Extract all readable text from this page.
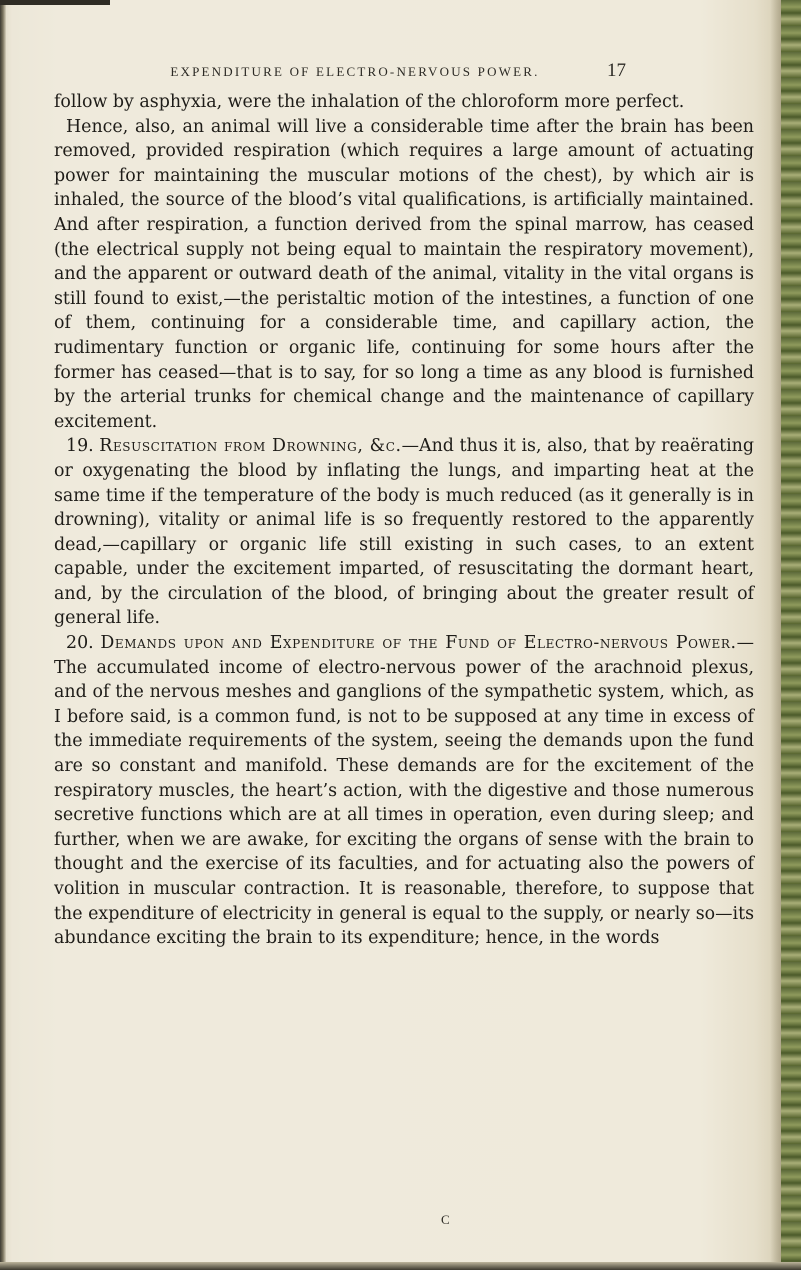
EXPENDITURE OF ELECTRO-NERVOUS POWER.	17

follow by asphyxia, were the inhalation of the chloroform more perfect.

Hence, also, an animal will live a considerable time after the brain has been removed, provided respiration (which requires a large amount of actuating power for maintaining the muscular motions of the chest), by which air is inhaled, the source of the blood’s vital qualifications, is artificially maintained. And after respiration, a function derived from the spinal marrow, has ceased (the electrical supply not being equal to maintain the respiratory movement), and the apparent or outward death of the animal, vitality in the vital organs is still found to exist,—the peristaltic motion of the intestines, a function of one of them, continuing for a considerable time, and capillary action, the rudimentary function or organic life, continuing for some hours after the former has ceased—that is to say, for so long a time as any blood is furnished by the arterial trunks for chemical change and the maintenance of capillary excitement.

19. Resuscitation from Drowning, &c.—And thus it is, also, that by reaërating or oxygenating the blood by inflating the lungs, and imparting heat at the same time if the temperature of the body is much reduced (as it generally is in drowning), vitality or animal life is so frequently restored to the apparently dead,—capillary or organic life still existing in such cases, to an extent capable, under the excitement imparted, of resuscitating the dormant heart, and, by the circulation of the blood, of bringing about the greater result of general life.

20. Demands upon and Expenditure of the Fund of Electro-nervous Power.—The accumulated income of electro-nervous power of the arachnoid plexus, and of the nervous meshes and ganglions of the sympathetic system, which, as I before said, is a common fund, is not to be supposed at any time in excess of the immediate requirements of the system, seeing the demands upon the fund are so constant and manifold. These demands are for the excitement of the respiratory muscles, the heart’s action, with the digestive and those numerous secretive functions which are at all times in operation, even during sleep; and further, when we are awake, for exciting the organs of sense with the brain to thought and the exercise of its faculties, and for actuating also the powers of volition in muscular contraction. It is reasonable, therefore, to suppose that the expenditure of electricity in general is equal to the supply, or nearly so—its abundance exciting the brain to its expenditure; hence, in the words

C
